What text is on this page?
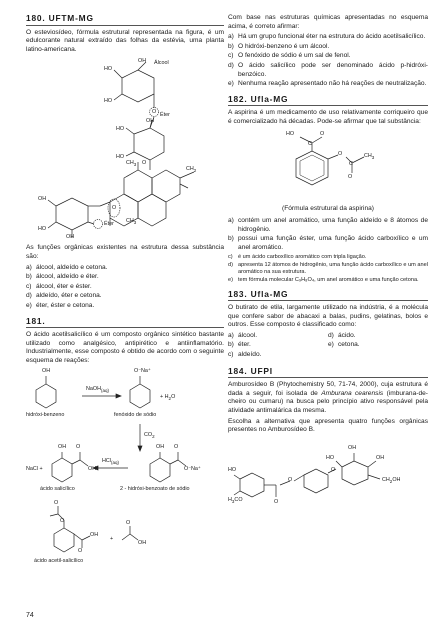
180. UFTM-MG
O esteviosídeo, fórmula estrutural representada na figura, é um edulcorante natural extraído das folhas da estévia, uma planta latino-americana.
OH Álcool
HO
HO
O Éter
OH
HO
HO
O
$CH_3$
$CH_2$
$CH_3$
O
OH
HO
OH
Éter
As funções orgânicas existentes na estrutura dessa substância são:
a) álcool, aldeído e cetona.
b) álcool, aldeído e éter.
c) álcool, éter e éster.
d) aldeído, éter e cetona.
e) éter, éster e cetona.
181.
O ácido acetilsalicílico é um composto orgânico sintético bastante utilizado como analgésico, antipirético e antiinflamatório. Industrialmente, esse composto é obtido de acordo com o seguinte esquema de reações:
OH
hidróxi-benzeno
NaOH$_{(aq)}$
O⁻Na⁺
+ $H_2O$
fenóxido de sódio
$CO_2$
OH O
OH
NaCl +
HCl$_{(aq)}$
OH O
O⁻Na⁺
ácido salicílico	2 - hidróxi-benzoato de sódio
O
O
OH
O
+
O
OH
ácido acetil-salicílico
Com base nas estruturas químicas apresentadas no esquema acima, é correto afirmar:
a) Há um grupo funcional éter na estrutura do ácido acetilsalicílico.
b) O hidróxi-benzeno é um álcool.
c) O fenóxido de sódio é um sal de fenol.
d) O ácido salicílico pode ser denominado ácido p-hidróxi-benzóico.
e) Nenhuma reação apresentado não há reações de neutralização.
182. Ufla-MG
A aspirina é um medicamento de uso relativamente corriqueiro que é comercializado há décadas. Pode-se afirmar que tal substância:
HO	O
C
O
C
$CH_3$
O
(Fórmula estrutural da aspirina)
a) contém um anel aromático, uma função aldeído e 8 átomos de hidrogênio.
b) possui uma função éster, uma função ácido carboxílico e um anel aromático.
c) é um ácido carboxílico aromático com tripla ligação.
d) apresenta 12 átomos de hidrogênio, uma função ácido carboxílico e um anel aromático na sua estrutura.
e) tem fórmula molecular C₉H₈O₄, um anel aromático e uma função cetona.
183. Ufla-MG
O butirato de etila, largamente utilizado na indústria, é a molécula que confere sabor de abacaxi a balas, pudins, gelatinas, bolos e outros. Esse composto é classificado como:
a) álcool.	d) ácido.
b) éter.	e) cetona.
c) aldeído.
184. UFPI
Amburosídeo B (Phytochemistry 50, 71-74, 2000), cuja estrutura é dada a seguir, foi isolada de Amburana cearensis (imburana-de-cheiro ou cumaru) na busca pelo princípio ativo responsável pela atividade antimalárica da mesma.
Escolha a alternativa que apresenta quatro funções orgânicas presentes no Amburosídeo B.
HO
$H_3CO$	O
O
O
OH
OH
HO
$CH_2OH$
74
